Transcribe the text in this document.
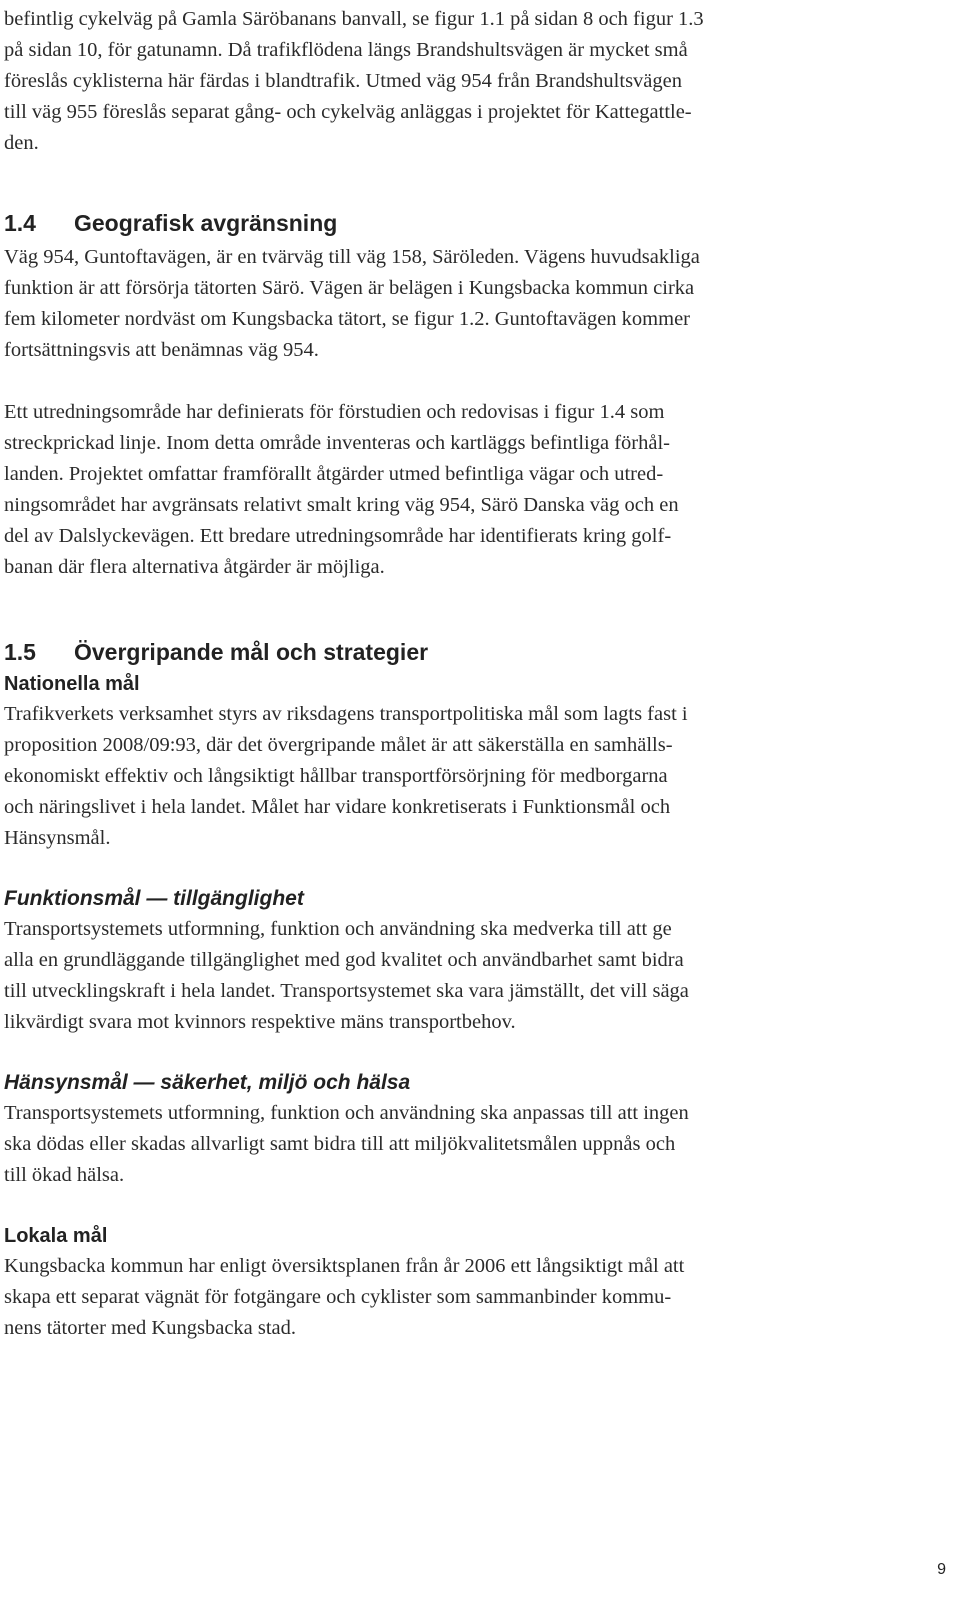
befintlig cykelväg på Gamla Säröbanans banvall, se figur 1.1 på sidan 8 och figur 1.3
på sidan 10, för gatunamn. Då trafikflödena längs Brandshultsvägen är mycket små
föreslås cyklisterna här färdas i blandtrafik. Utmed väg 954 från Brandshultsvägen
till väg 955 föreslås separat gång- och cykelväg anläggas i projektet för Kattegattle-
den.

1.4	Geografisk avgränsning

Väg 954, Guntoftavägen, är en tvärväg till väg 158, Säröleden. Vägens huvudsakliga
funktion är att försörja tätorten Särö. Vägen är belägen i Kungsbacka kommun cirka
fem kilometer nordväst om Kungsbacka tätort, se figur 1.2. Guntoftavägen kommer
fortsättningsvis att benämnas väg 954.

Ett utredningsområde har definierats för förstudien och redovisas i figur 1.4 som
streckprickad linje. Inom detta område inventeras och kartläggs befintliga förhål-
landen. Projektet omfattar framförallt åtgärder utmed befintliga vägar och utred-
ningsområdet har avgränsats relativt smalt kring väg 954, Särö Danska väg och en
del av Dalslyckevägen. Ett bredare utredningsområde har identifierats kring golf-
banan där flera alternativa åtgärder är möjliga.

1.5	Övergripande mål och strategier
Nationella mål

Trafikverkets verksamhet styrs av riksdagens transportpolitiska mål som lagts fast i
proposition 2008/09:93, där det övergripande målet är att säkerställa en samhälls-
ekonomiskt effektiv och långsiktigt hållbar transportförsörjning för medborgarna
och näringslivet i hela landet. Målet har vidare konkretiserats i Funktionsmål och
Hänsynsmål.

Funktionsmål — tillgänglighet

Transportsystemets utformning, funktion och användning ska medverka till att ge
alla en grundläggande tillgänglighet med god kvalitet och användbarhet samt bidra
till utvecklingskraft i hela landet. Transportsystemet ska vara jämställt, det vill säga
likvärdigt svara mot kvinnors respektive mäns transportbehov.

Hänsynsmål — säkerhet, miljö och hälsa

Transportsystemets utformning, funktion och användning ska anpassas till att ingen
ska dödas eller skadas allvarligt samt bidra till att miljökvalitetsmålen uppnås och
till ökad hälsa.

Lokala mål

Kungsbacka kommun har enligt översiktsplanen från år 2006 ett långsiktigt mål att
skapa ett separat vägnät för fotgängare och cyklister som sammanbinder kommu-
nens tätorter med Kungsbacka stad.

9
